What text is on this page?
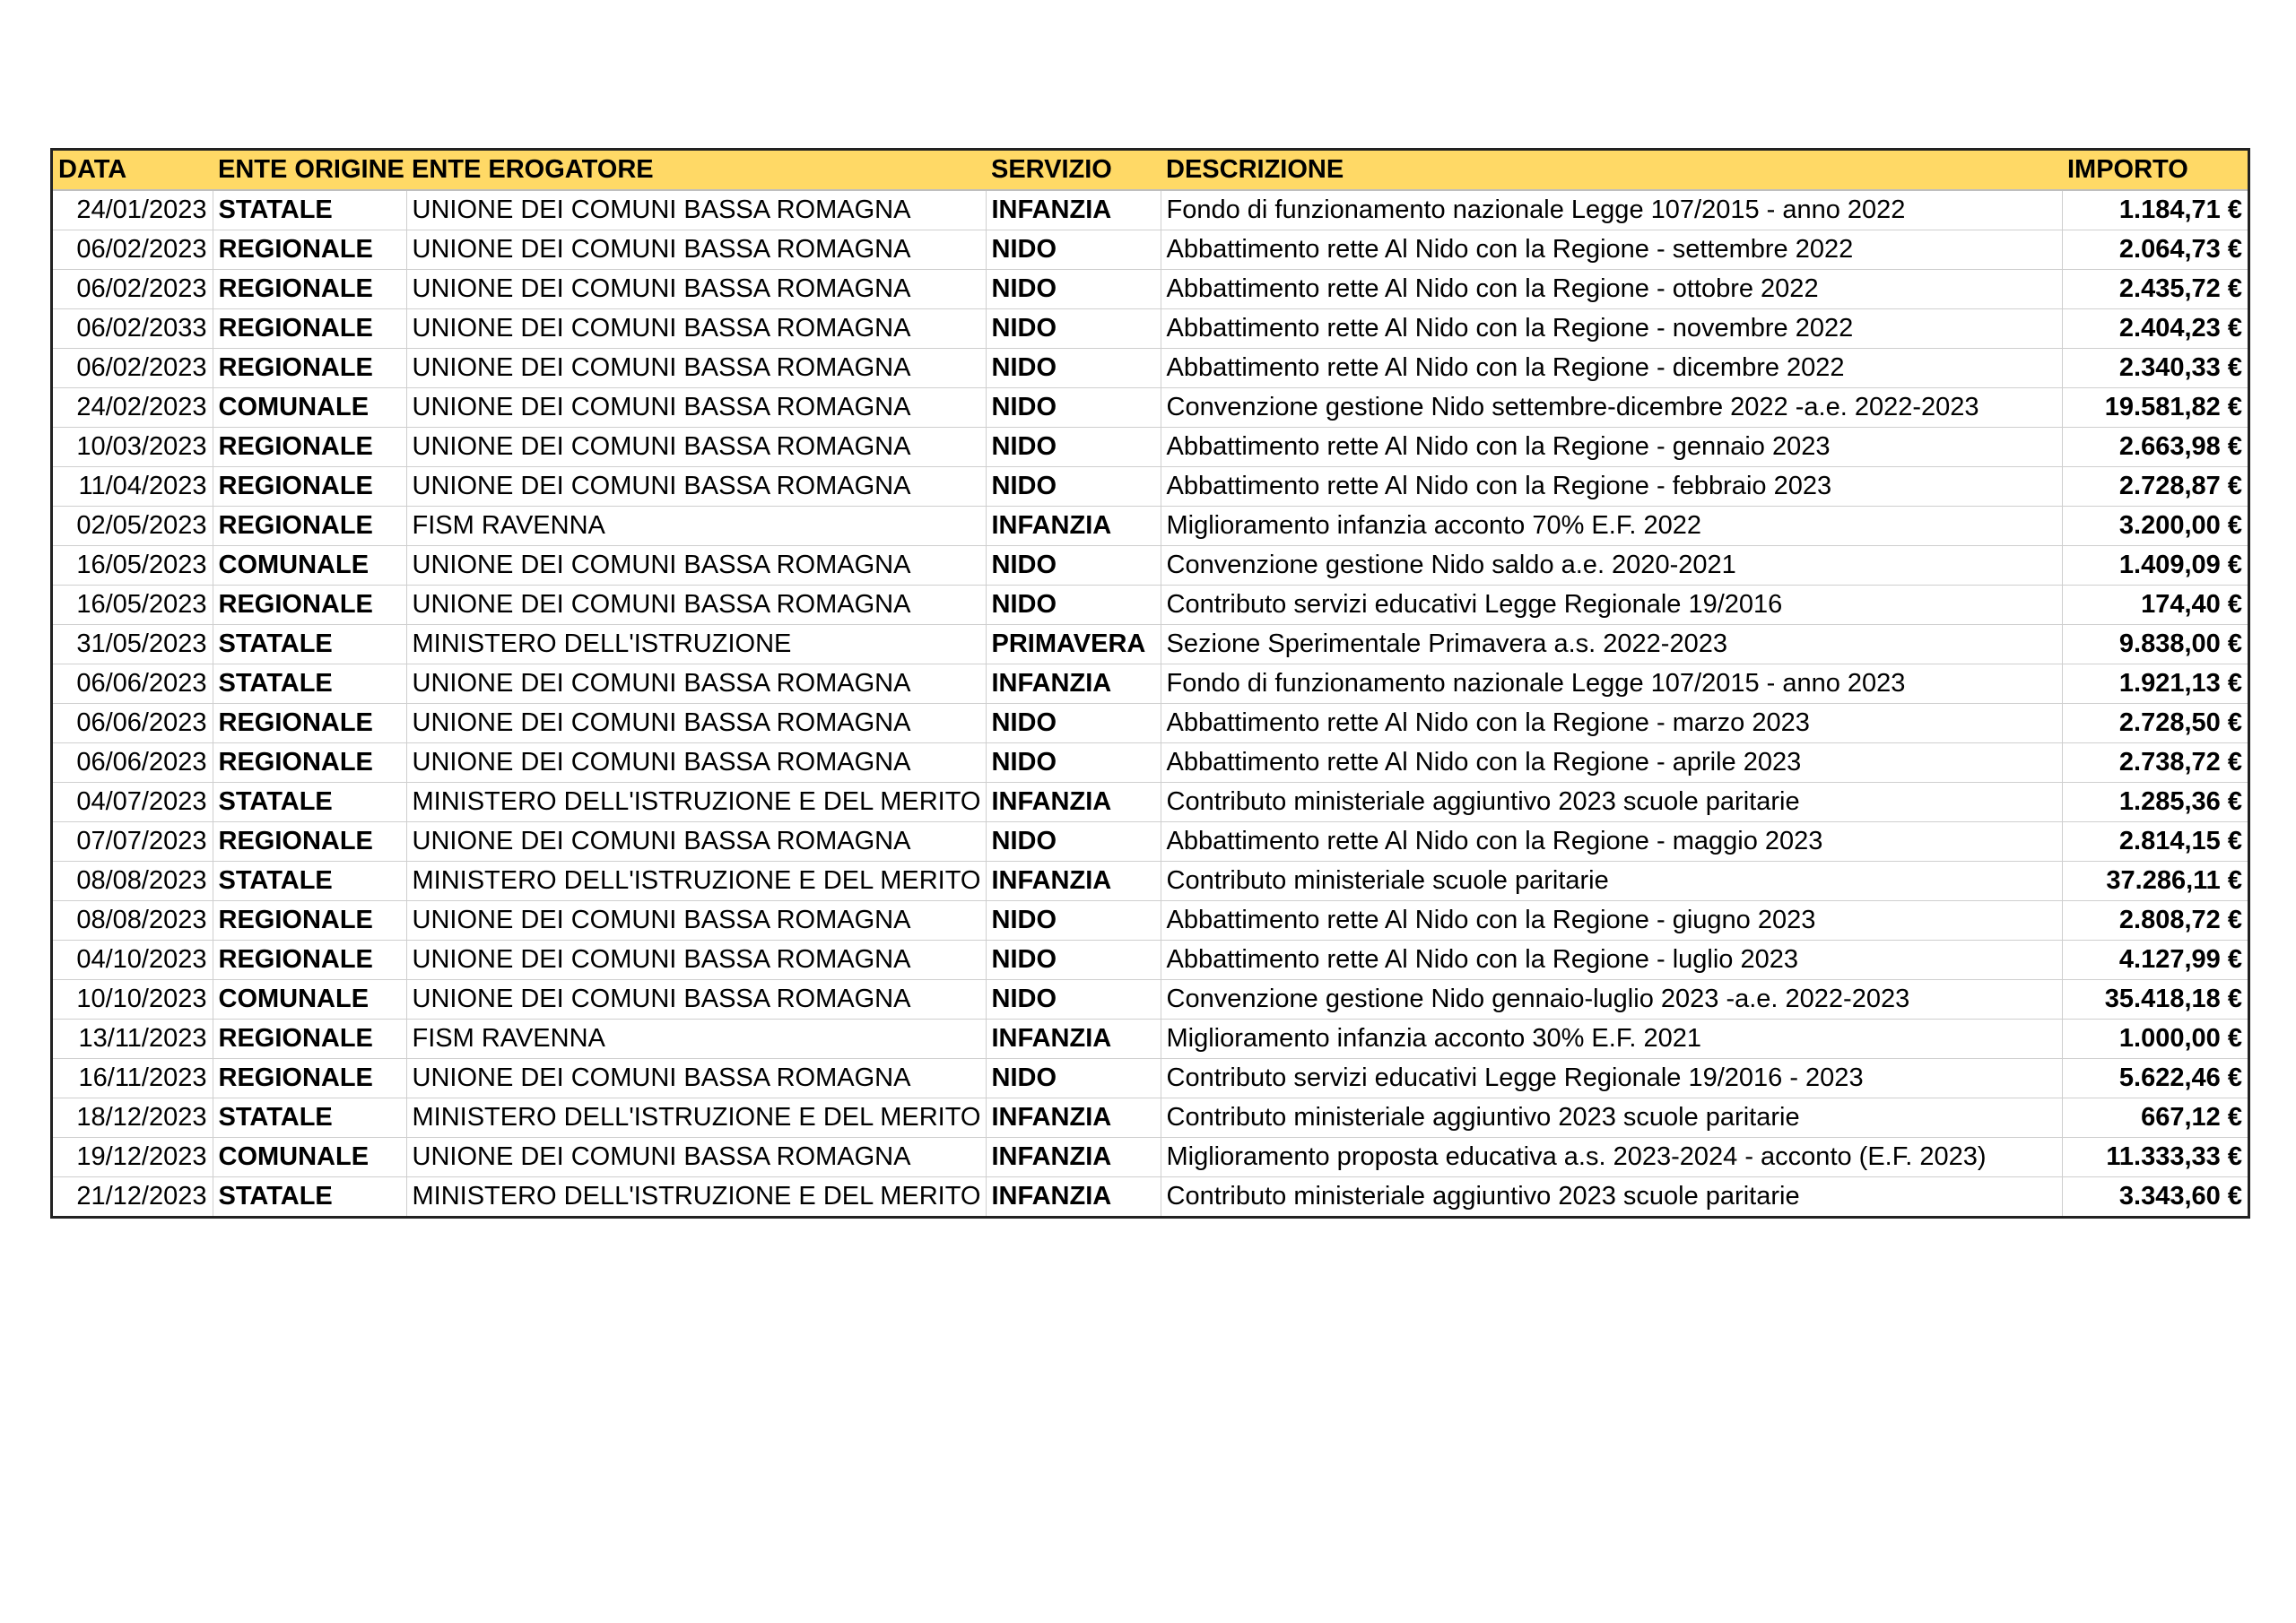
DATA	ENTE ORIGINE	ENTE EROGATORE	SERVIZIO	DESCRIZIONE	IMPORTO
24/01/2023	STATALE	UNIONE DEI COMUNI BASSA ROMAGNA	INFANZIA	Fondo di funzionamento nazionale Legge 107/2015 - anno 2022	1.184,71 €
06/02/2023	REGIONALE	UNIONE DEI COMUNI BASSA ROMAGNA	NIDO	Abbattimento rette Al Nido con la Regione - settembre 2022	2.064,73 €
06/02/2023	REGIONALE	UNIONE DEI COMUNI BASSA ROMAGNA	NIDO	Abbattimento rette Al Nido con la Regione - ottobre 2022	2.435,72 €
06/02/2033	REGIONALE	UNIONE DEI COMUNI BASSA ROMAGNA	NIDO	Abbattimento rette Al Nido con la Regione - novembre 2022	2.404,23 €
06/02/2023	REGIONALE	UNIONE DEI COMUNI BASSA ROMAGNA	NIDO	Abbattimento rette Al Nido con la Regione - dicembre 2022	2.340,33 €
24/02/2023	COMUNALE	UNIONE DEI COMUNI BASSA ROMAGNA	NIDO	Convenzione gestione Nido settembre-dicembre 2022 -a.e. 2022-2023	19.581,82 €
10/03/2023	REGIONALE	UNIONE DEI COMUNI BASSA ROMAGNA	NIDO	Abbattimento rette Al Nido con la Regione - gennaio 2023	2.663,98 €
11/04/2023	REGIONALE	UNIONE DEI COMUNI BASSA ROMAGNA	NIDO	Abbattimento rette Al Nido con la Regione - febbraio 2023	2.728,87 €
02/05/2023	REGIONALE	FISM RAVENNA	INFANZIA	Miglioramento infanzia acconto 70% E.F. 2022	3.200,00 €
16/05/2023	COMUNALE	UNIONE DEI COMUNI BASSA ROMAGNA	NIDO	Convenzione gestione Nido saldo a.e. 2020-2021	1.409,09 €
16/05/2023	REGIONALE	UNIONE DEI COMUNI BASSA ROMAGNA	NIDO	Contributo servizi educativi Legge Regionale 19/2016	174,40 €
31/05/2023	STATALE	MINISTERO DELL'ISTRUZIONE	PRIMAVERA	Sezione Sperimentale Primavera a.s. 2022-2023	9.838,00 €
06/06/2023	STATALE	UNIONE DEI COMUNI BASSA ROMAGNA	INFANZIA	Fondo di funzionamento nazionale Legge 107/2015 - anno 2023	1.921,13 €
06/06/2023	REGIONALE	UNIONE DEI COMUNI BASSA ROMAGNA	NIDO	Abbattimento rette Al Nido con la Regione - marzo 2023	2.728,50 €
06/06/2023	REGIONALE	UNIONE DEI COMUNI BASSA ROMAGNA	NIDO	Abbattimento rette Al Nido con la Regione - aprile 2023	2.738,72 €
04/07/2023	STATALE	MINISTERO DELL'ISTRUZIONE E DEL MERITO	INFANZIA	Contributo ministeriale aggiuntivo 2023 scuole paritarie	1.285,36 €
07/07/2023	REGIONALE	UNIONE DEI COMUNI BASSA ROMAGNA	NIDO	Abbattimento rette Al Nido con la Regione - maggio 2023	2.814,15 €
08/08/2023	STATALE	MINISTERO DELL'ISTRUZIONE E DEL MERITO	INFANZIA	Contributo ministeriale scuole paritarie	37.286,11 €
08/08/2023	REGIONALE	UNIONE DEI COMUNI BASSA ROMAGNA	NIDO	Abbattimento rette Al Nido con la Regione - giugno 2023	2.808,72 €
04/10/2023	REGIONALE	UNIONE DEI COMUNI BASSA ROMAGNA	NIDO	Abbattimento rette Al Nido con la Regione - luglio 2023	4.127,99 €
10/10/2023	COMUNALE	UNIONE DEI COMUNI BASSA ROMAGNA	NIDO	Convenzione gestione Nido gennaio-luglio 2023 -a.e. 2022-2023	35.418,18 €
13/11/2023	REGIONALE	FISM RAVENNA	INFANZIA	Miglioramento infanzia acconto 30% E.F. 2021	1.000,00 €
16/11/2023	REGIONALE	UNIONE DEI COMUNI BASSA ROMAGNA	NIDO	Contributo servizi educativi Legge Regionale 19/2016 - 2023	5.622,46 €
18/12/2023	STATALE	MINISTERO DELL'ISTRUZIONE E DEL MERITO	INFANZIA	Contributo ministeriale aggiuntivo 2023 scuole paritarie	667,12 €
19/12/2023	COMUNALE	UNIONE DEI COMUNI BASSA ROMAGNA	INFANZIA	Miglioramento proposta educativa a.s. 2023-2024 - acconto (E.F. 2023)	11.333,33 €
21/12/2023	STATALE	MINISTERO DELL'ISTRUZIONE E DEL MERITO	INFANZIA	Contributo ministeriale aggiuntivo 2023 scuole paritarie	3.343,60 €
